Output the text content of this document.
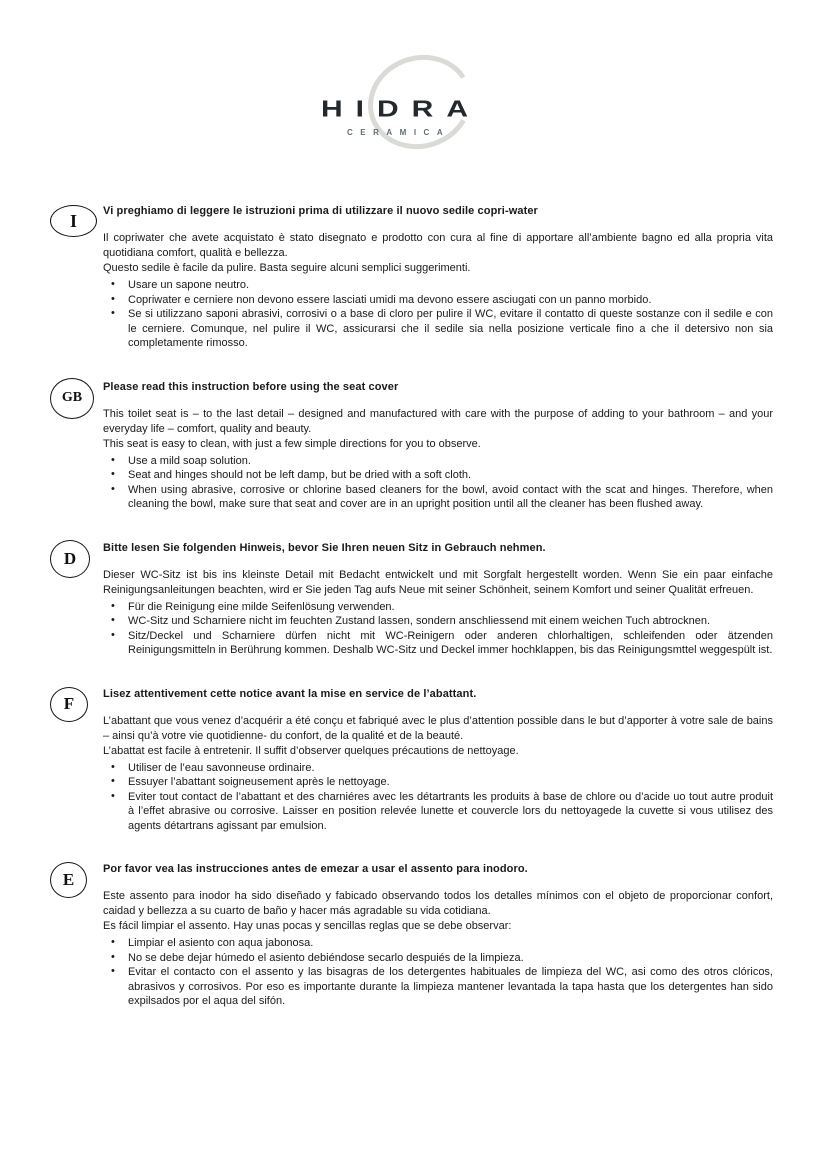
HIDRA
CERAMICA
I Vi preghiamo di leggere le istruzioni prima di utilizzare il nuovo sedile copri-water
Il copriwater che avete acquistato è stato disegnato e prodotto con cura al fine di apportare all’ambiente bagno ed alla propria vita quotidiana comfort, qualità e bellezza.
Questo sedile è facile da pulire. Basta seguire alcuni semplici suggerimenti.
• Usare un sapone neutro.
• Copriwater e cerniere non devono essere lasciati umidi ma devono essere asciugati con un panno morbido.
• Se si utilizzano saponi abrasivi, corrosivi o a base di cloro per pulire il WC, evitare il contatto di queste sostanze con il sedile e con le cerniere. Comunque, nel pulire il WC, assicurarsi che il sedile sia nella posizione verticale fino a che il detersivo non sia completamente rimosso.
GB
Please read this instruction before using the seat cover
This toilet seat is – to the last detail – designed and manufactured with care with the purpose of adding to your bathroom – and your everyday life – comfort, quality and beauty.
This seat is easy to clean, with just a few simple directions for you to observe.
• Use a mild soap solution.
• Seat and hinges should not be left damp, but be dried with a soft cloth.
• When using abrasive, corrosive or chlorine based cleaners for the bowl, avoid contact with the scat and hinges. Therefore, when cleaning the bowl, make sure that seat and cover are in an upright position until all the cleaner has been flushed away.
D
Bitte lesen Sie folgenden Hinweis, bevor Sie Ihren neuen Sitz in Gebrauch nehmen.
Dieser WC-Sitz ist bis ins kleinste Detail mit Bedacht entwickelt und mit Sorgfalt hergestellt worden. Wenn Sie ein paar einfache Reinigungsanleitungen beachten, wird er Sie jeden Tag aufs Neue mit seiner Schönheit, seinem Komfort und seiner Qualität erfreuen.
• Für die Reinigung eine milde Seifenlösung verwenden.
• WC-Sitz und Scharniere nicht im feuchten Zustand lassen, sondern anschliessend mit einem weichen Tuch abtrocknen.
• Sitz/Deckel und Scharniere dürfen nicht mit WC-Reinigern oder anderen chlorhaltigen, schleifenden oder ätzenden Reinigungsmitteln in Berührung kommen. Deshalb WC-Sitz und Deckel immer hochklappen, bis das Reinigungsmttel weggespült ist.
F
Lisez attentivement cette notice avant la mise en service de l’abattant.
L’abattant que vous venez d’acquérir a été conçu et fabriqué avec le plus d’attention possible dans le but d’apporter à votre sale de bains – ainsi qu’à votre vie quotidienne- du confort, de la qualité et de la beauté.
L’abattat est facile à entretenir. Il suffit d’observer quelques précautions de nettoyage.
• Utiliser de l’eau savonneuse ordinaire.
• Essuyer l’abattant soigneusement après le nettoyage.
• Eviter tout contact de l’abattant et des charniéres avec les détartrants les produits à base de chlore ou d’acide uo tout autre produit à l’effet abrasive ou corrosive. Laisser en position relevée lunette et couvercle lors du nettoyagede la cuvette si vous utilisez des agents détartrans agissant par emulsion.
E
Por favor vea las instrucciones antes de emezar a usar el assento para inodoro.
Este assento para inodor ha sido diseñado y fabicado observando todos los detalles mínimos con el objeto de proporcionar confort, caidad y bellezza a su cuarto de baño y hacer más agradable su vida cotidiana.
Es fácil limpiar el assento. Hay unas pocas y sencillas reglas que se debe observar:
• Limpiar el asiento con aqua jabonosa.
• No se debe dejar húmedo el asiento debiéndose secarlo despuiés de la limpieza.
• Evitar el contacto con el assento y las bisagras de los detergentes habituales de limpieza del WC, asi como des otros clóricos, abrasivos y corrosivos. Por eso es importante durante la limpieza mantener levantada la tapa hasta que los detergentes han sido expilsados por el aqua del sifón.
